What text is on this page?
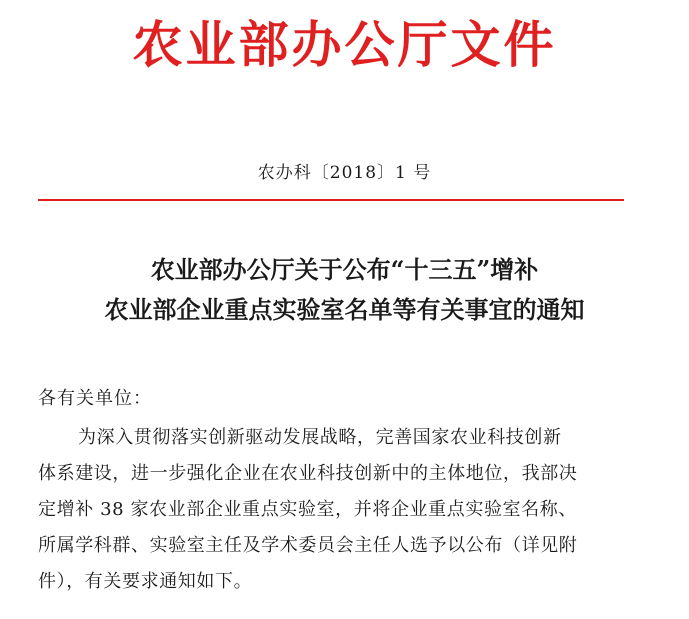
农业部办公厅文件

农办科〔2018〕1 号

农业部办公厅关于公布“十三五”增补
农业部企业重点实验室名单等有关事宜的通知

各有关单位：

为深入贯彻落实创新驱动发展战略，完善国家农业科技创新
体系建设，进一步强化企业在农业科技创新中的主体地位，我部决
定增补 38 家农业部企业重点实验室，并将企业重点实验室名称、
所属学科群、实验室主任及学术委员会主任人选予以公布（详见附
件），有关要求通知如下。
